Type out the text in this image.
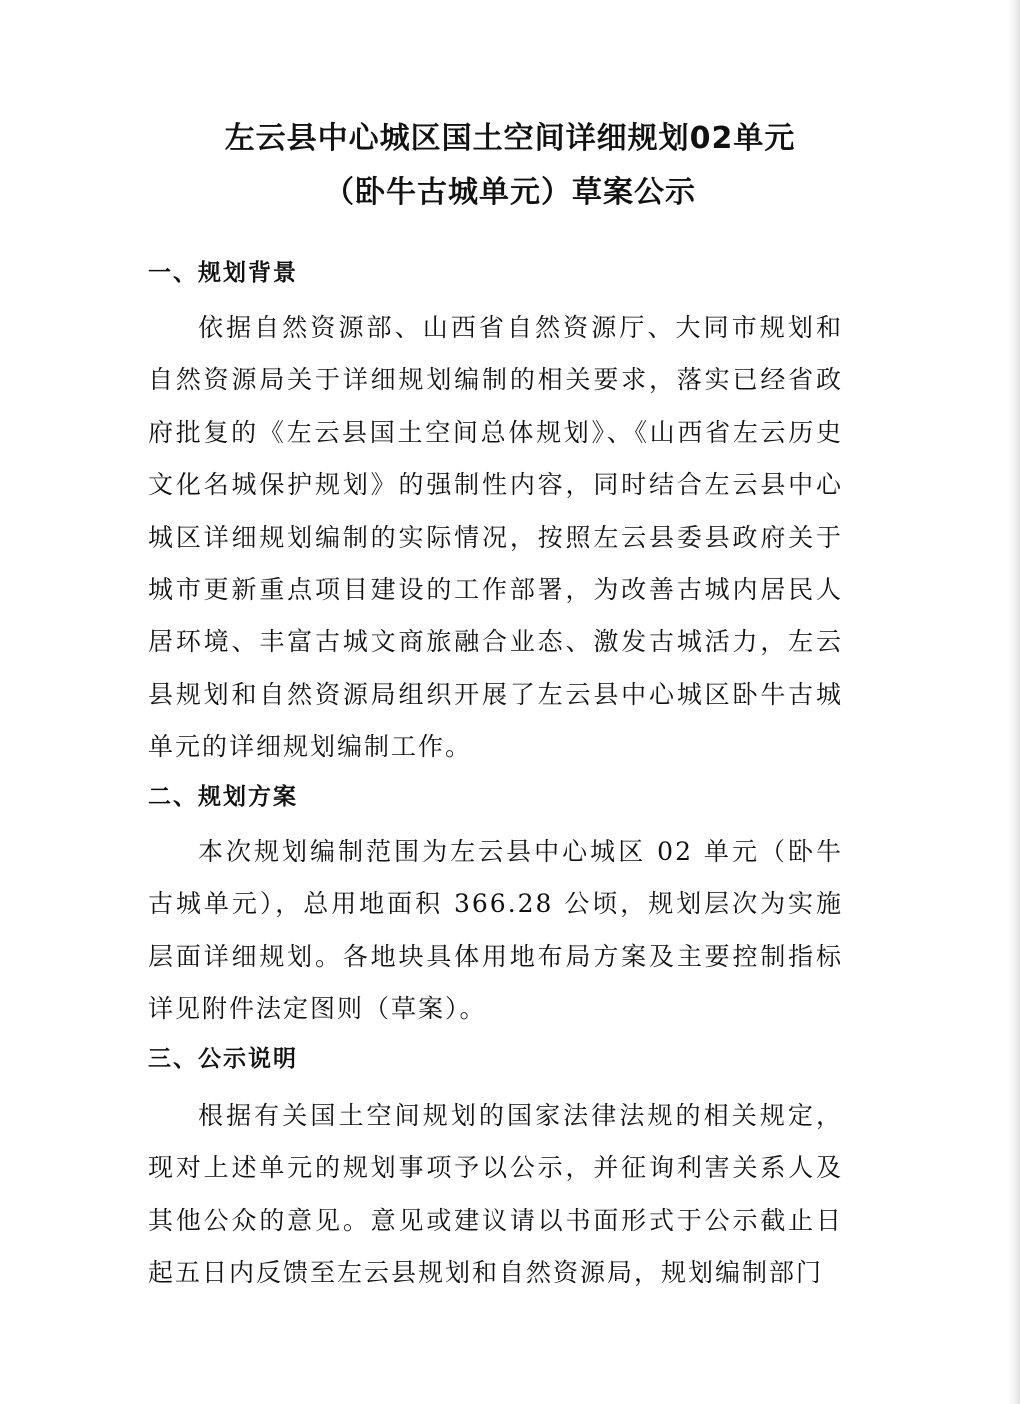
左云县中心城区国土空间详细规划02单元
（卧牛古城单元）草案公示
一、规划背景

依据自然资源部、山西省自然资源厅、大同市规划和自然资源局关于详细规划编制的相关要求，落实已经省政府批复的《左云县国土空间总体规划》、《山西省左云历史文化名城保护规划》的强制性内容，同时结合左云县中心城区详细规划编制的实际情况，按照左云县委县政府关于城市更新重点项目建设的工作部署，为改善古城内居民人居环境、丰富古城文商旅融合业态、激发古城活力，左云县规划和自然资源局组织开展了左云县中心城区卧牛古城单元的详细规划编制工作。

二、规划方案

本次规划编制范围为左云县中心城区 02 单元（卧牛古城单元），总用地面积 366.28 公顷，规划层次为实施层面详细规划。各地块具体用地布局方案及主要控制指标详见附件法定图则（草案）。

三、公示说明

根据有关国土空间规划的国家法律法规的相关规定，现对上述单元的规划事项予以公示，并征询利害关系人及其他公众的意见。意见或建议请以书面形式于公示截止日起五日内反馈至左云县规划和自然资源局，规划编制部门
